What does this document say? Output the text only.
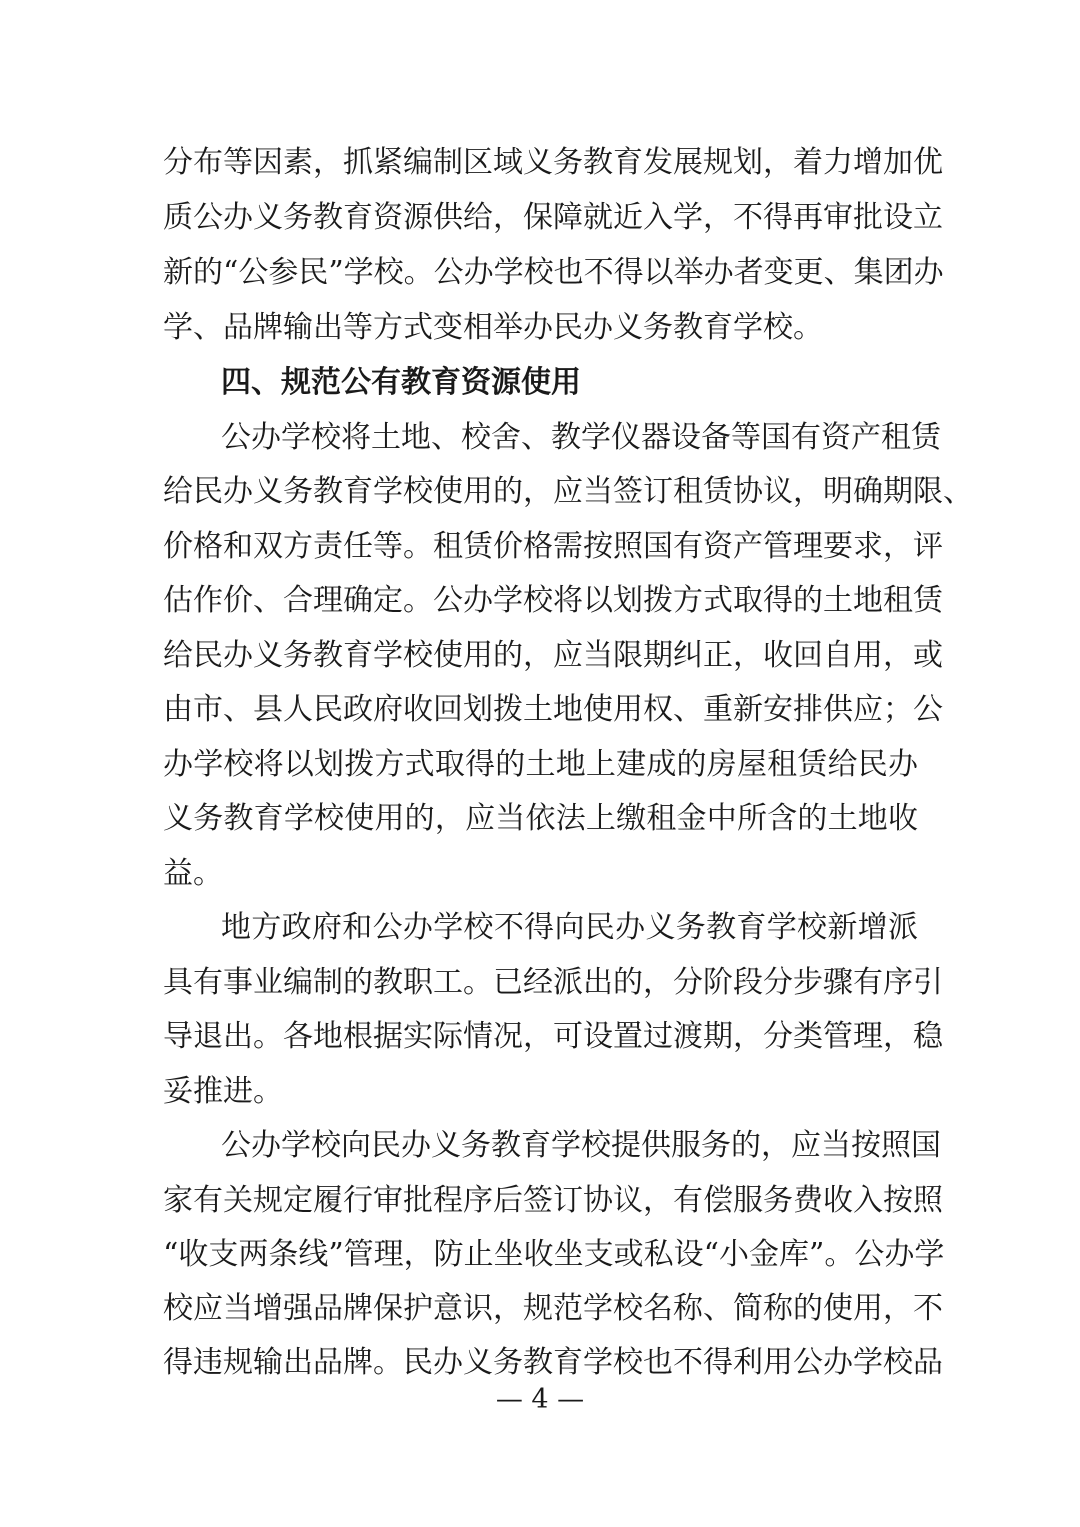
分布等因素，抓紧编制区域义务教育发展规划，着力增加优
质公办义务教育资源供给，保障就近入学，不得再审批设立
新的“公参民”学校。公办学校也不得以举办者变更、集团办
学、品牌输出等方式变相举办民办义务教育学校。
四、规范公有教育资源使用
公办学校将土地、校舍、教学仪器设备等国有资产租赁
给民办义务教育学校使用的，应当签订租赁协议，明确期限、
价格和双方责任等。租赁价格需按照国有资产管理要求，评
估作价、合理确定。公办学校将以划拨方式取得的土地租赁
给民办义务教育学校使用的，应当限期纠正，收回自用，或
由市、县人民政府收回划拨土地使用权、重新安排供应；公
办学校将以划拨方式取得的土地上建成的房屋租赁给民办
义务教育学校使用的，应当依法上缴租金中所含的土地收
益。
地方政府和公办学校不得向民办义务教育学校新增派
具有事业编制的教职工。已经派出的，分阶段分步骤有序引
导退出。各地根据实际情况，可设置过渡期，分类管理，稳
妥推进。
公办学校向民办义务教育学校提供服务的，应当按照国
家有关规定履行审批程序后签订协议，有偿服务费收入按照
“收支两条线”管理，防止坐收坐支或私设“小金库”。公办学
校应当增强品牌保护意识，规范学校名称、简称的使用，不
得违规输出品牌。民办义务教育学校也不得利用公办学校品
— 4 —
